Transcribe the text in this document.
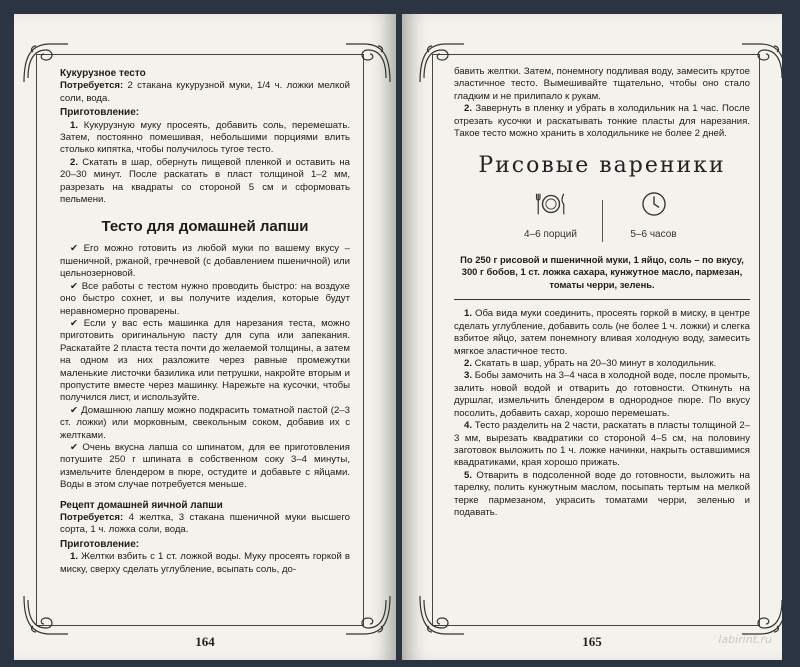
Кукурузное тесто

Потребуется: 2 стакана кукурузной муки, 1/4 ч. ложки мелкой соли, вода.

Приготовление:

1. Кукурузную муку просеять, добавить соль, перемешать. Затем, постоянно помешивая, небольшими порциями влить столько кипятка, чтобы получилось тугое тесто.

2. Скатать в шар, обернуть пищевой пленкой и оставить на 20–30 минут. После раскатать в пласт толщиной 1–2 мм, разрезать на квадраты со стороной 5 см и сформовать пельмени.

Тесто для домашней лапши

✔ Его можно готовить из любой муки по вашему вкусу – пшеничной, ржаной, гречневой (с добавлением пшеничной) или цельнозерновой.

✔ Все работы с тестом нужно проводить быстро: на воздухе оно быстро сохнет, и вы получите изделия, которые будут неравномерно проварены.

✔ Если у вас есть машинка для нарезания теста, можно приготовить оригинальную пасту для супа или запекания. Раскатайте 2 пласта теста почти до желаемой толщины, а затем на одном из них разложите через равные промежутки маленькие листочки базилика или петрушки, накройте вторым и пропустите вместе через машинку. Нарежьте на кусочки, чтобы получился лист, и используйте.

✔ Домашнюю лапшу можно подкрасить томатной пастой (2–3 ст. ложки) или морковным, свекольным соком, добавив их с желтками.

✔ Очень вкусна лапша со шпинатом, для ее приготовления потушите 250 г шпината в собственном соку 3–4 минуты, измельчите блендером в пюре, остудите и добавьте с яйцами. Воды в этом случае потребуется меньше.

Рецепт домашней яичной лапши

Потребуется: 4 желтка, 3 стакана пшеничной муки высшего сорта, 1 ч. ложка соли, вода.

Приготовление:

1. Желтки взбить с 1 ст. ложкой воды. Муку просеять горкой в миску, сверху сделать углубление, всыпать соль, до-

164

бавить желтки. Затем, понемногу подливая воду, замесить крутое эластичное тесто. Вымешивайте тщательно, чтобы оно стало гладким и не прилипало к рукам.

2. Завернуть в пленку и убрать в холодильник на 1 час. После отрезать кусочки и раскатывать тонкие пласты для нарезания. Такое тесто можно хранить в холодильнике не более 2 дней.

Рисовые вареники
4–6 порций	5–6 часов
По 250 г рисовой и пшеничной муки, 1 яйцо, соль – по вкусу, 300 г бобов, 1 ст. ложка сахара, кунжутное масло, пармезан, томаты черри, зелень.

1. Оба вида муки соединить, просеять горкой в миску, в центре сделать углубление, добавить соль (не более 1 ч. ложки) и слегка взбитое яйцо, затем понемногу вливая холодную воду, замесить мягкое эластичное тесто.

2. Скатать в шар, убрать на 20–30 минут в холодильник.

3. Бобы замочить на 3–4 часа в холодной воде, после промыть, залить новой водой и отварить до готовности. Откинуть на дуршлаг, измельчить блендером в однородное пюре. По вкусу посолить, добавить сахар, хорошо перемешать.

4. Тесто разделить на 2 части, раскатать в пласты толщиной 2–3 мм, вырезать квадратики со стороной 4–5 см, на половину заготовок выложить по 1 ч. ложке начинки, накрыть оставшимися квадратиками, края хорошо прижать.

5. Отварить в подсоленной воде до готовности, выложить на тарелку, полить кунжутным маслом, посыпать тертым на мелкой терке пармезаном, украсить томатами черри, зеленью и подавать.

165	labirint.ru
